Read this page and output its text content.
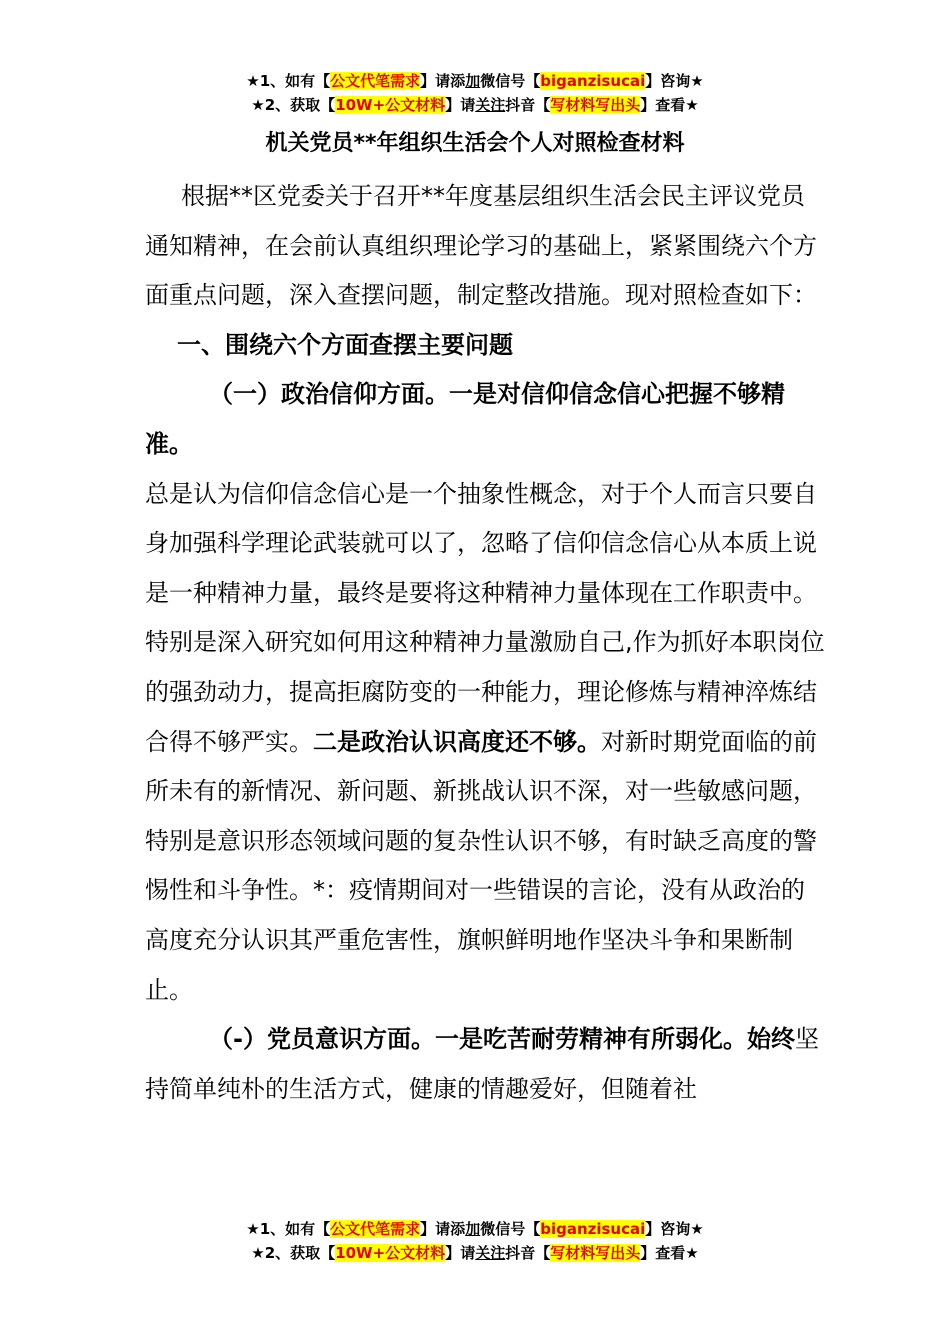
★1、如有【公文代笔需求】请添加微信号【biganzisucai】咨询★
★2、获取【10W+公文材料】请关注抖音【写材料写出头】查看★
机关党员**年组织生活会个人对照检查材料

根据**区党委关于召开**年度基层组织生活会民主评议党员通知精神，在会前认真组织理论学习的基础上，紧紧围绕六个方面重点问题，深入查摆问题，制定整改措施。现对照检查如下：

一、围绕六个方面查摆主要问题

（一）政治信仰方面。一是对信仰信念信心把握不够精准。

总是认为信仰信念信心是一个抽象性概念，对于个人而言只要自身加强科学理论武装就可以了，忽略了信仰信念信心从本质上说是一种精神力量，最终是要将这种精神力量体现在工作职责中。特别是深入研究如何用这种精神力量激励自己,作为抓好本职岗位的强劲动力，提高拒腐防变的一种能力，理论修炼与精神淬炼结合得不够严实。二是政治认识高度还不够。对新时期党面临的前所未有的新情况、新问题、新挑战认识不深，对一些敏感问题，特别是意识形态领域问题的复杂性认识不够，有时缺乏高度的警惕性和斗争性。*：疫情期间对一些错误的言论，没有从政治的高度充分认识其严重危害性，旗帜鲜明地作坚决斗争和果断制止。

（-）党员意识方面。一是吃苦耐劳精神有所弱化。始终坚持简单纯朴的生活方式，健康的情趣爱好，但随着社

★1、如有【公文代笔需求】请添加微信号【biganzisucai】咨询★
★2、获取【10W+公文材料】请关注抖音【写材料写出头】查看★
